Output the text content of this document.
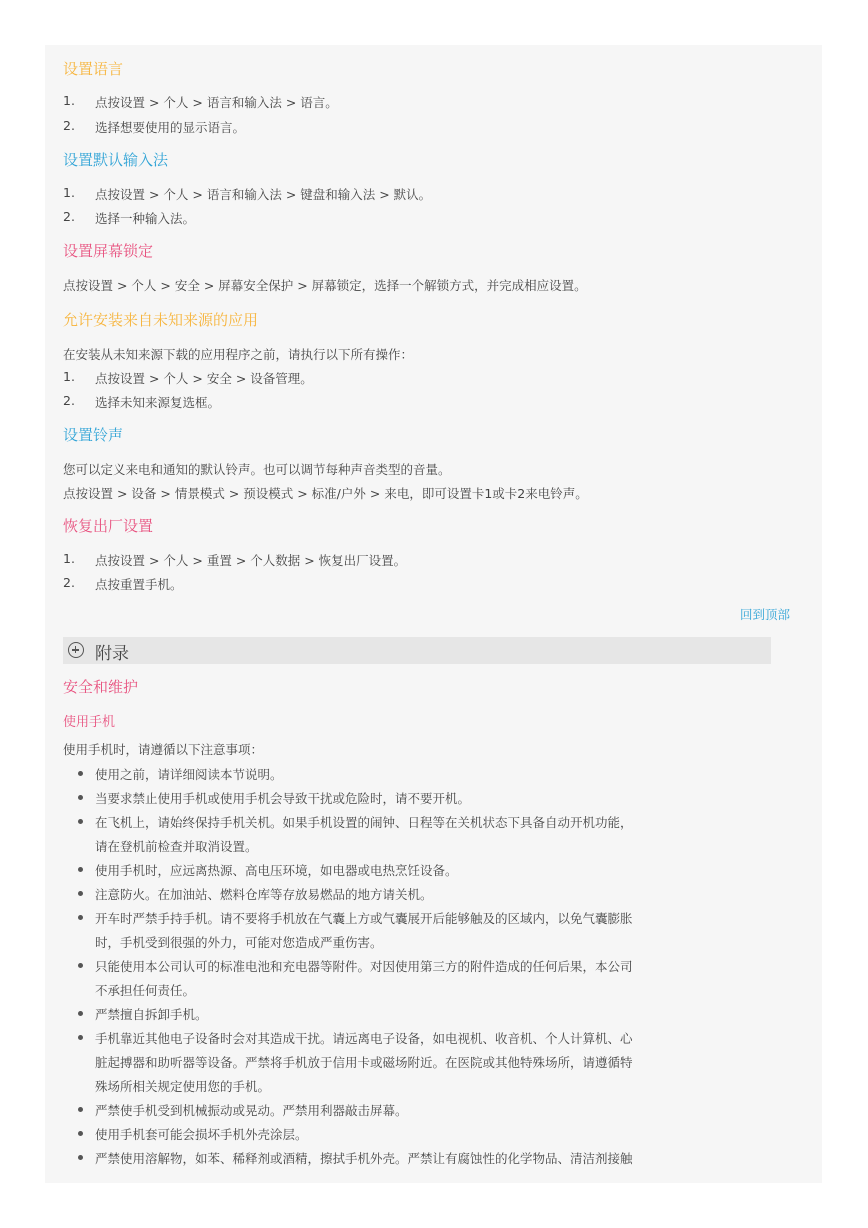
设置语言
1. 点按设置 > 个人 > 语言和输入法 > 语言。
2. 选择想要使用的显示语言。
设置默认输入法
1. 点按设置 > 个人 > 语言和输入法 > 键盘和输入法 > 默认。
2. 选择一种输入法。
设置屏幕锁定
点按设置 > 个人 > 安全 > 屏幕安全保护 > 屏幕锁定，选择一个解锁方式，并完成相应设置。
允许安装来自未知来源的应用
在安装从未知来源下载的应用程序之前，请执行以下所有操作：
1. 点按设置 > 个人 > 安全 > 设备管理。
2. 选择未知来源复选框。
设置铃声
您可以定义来电和通知的默认铃声。也可以调节每种声音类型的音量。
点按设置 > 设备 > 情景模式 > 预设模式 > 标准/户外 > 来电，即可设置卡1或卡2来电铃声。
恢复出厂设置
1. 点按设置 > 个人 > 重置 > 个人数据 > 恢复出厂设置。
2. 点按重置手机。
回到顶部
附录
安全和维护
使用手机
使用手机时，请遵循以下注意事项：
使用之前，请详细阅读本节说明。
当要求禁止使用手机或使用手机会导致干扰或危险时，请不要开机。
在飞机上，请始终保持手机关机。如果手机设置的闹钟、日程等在关机状态下具备自动开机功能，
请在登机前检查并取消设置。
使用手机时，应远离热源、高电压环境，如电器或电热烹饪设备。
注意防火。在加油站、燃料仓库等存放易燃品的地方请关机。
开车时严禁手持手机。请不要将手机放在气囊上方或气囊展开后能够触及的区域内，以免气囊膨胀
时，手机受到很强的外力，可能对您造成严重伤害。
只能使用本公司认可的标准电池和充电器等附件。对因使用第三方的附件造成的任何后果，本公司
不承担任何责任。
严禁擅自拆卸手机。
手机靠近其他电子设备时会对其造成干扰。请远离电子设备，如电视机、收音机、个人计算机、心
脏起搏器和助听器等设备。严禁将手机放于信用卡或磁场附近。在医院或其他特殊场所，请遵循特
殊场所相关规定使用您的手机。
严禁使手机受到机械振动或晃动。严禁用利器敲击屏幕。
使用手机套可能会损坏手机外壳涂层。
严禁使用溶解物，如苯、稀释剂或酒精，擦拭手机外壳。严禁让有腐蚀性的化学物品、清洁剂接触
